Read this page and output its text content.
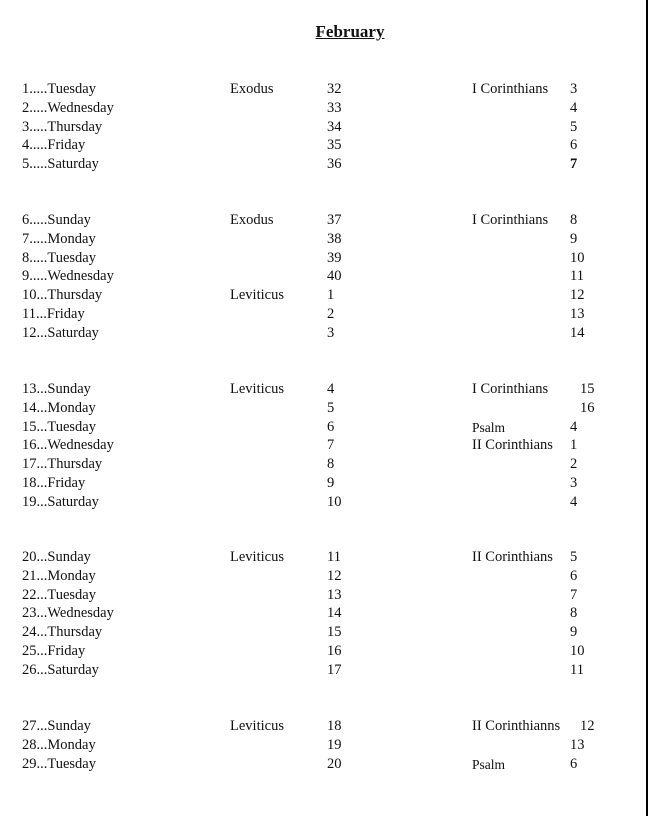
February
1.....Tuesday	Exodus	32	I Corinthians 3
2.....Wednesday	33	4
3.....Thursday	34	5
4.....Friday	35	6
5.....Saturday	36	7
6.....Sunday	Exodus	37	I Corinthians 8
7.....Monday	38	9
8.....Tuesday	39	10
9.....Wednesday	40	11
10...Thursday	Leviticus	1	12
11...Friday	2	13
12...Saturday	3	14
13...Sunday	Leviticus	4	I Corinthians 15
14...Monday	5	16
15...Tuesday	6	Psalm	4
16...Wednesday	7	II Corinthians 1
17...Thursday	8	2
18...Friday	9	3
19...Saturday	10	4
20...Sunday	Leviticus	11	II Corinthians 5
21...Monday	12	6
22...Tuesday	13	7
23...Wednesday	14	8
24...Thursday	15	9
25...Friday	16	10
26...Saturday	17	11
27...Sunday	Leviticus	18	II Corinthianns 12
28...Monday	19	13
29...Tuesday	20	Psalm	6
